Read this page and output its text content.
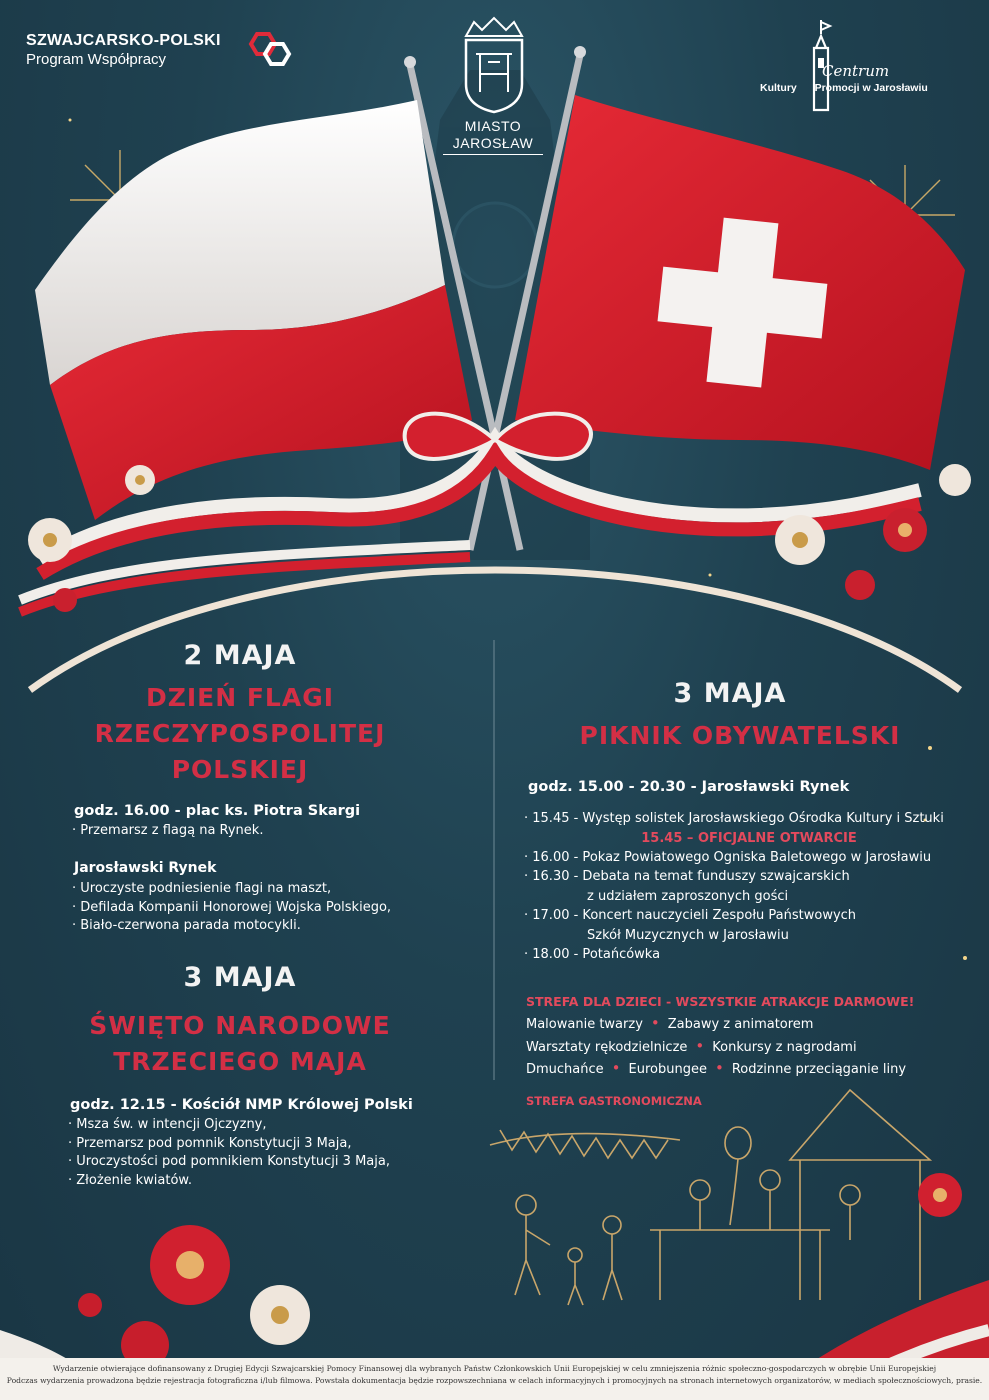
SZWAJCARSKO-POLSKI
Program Współpracy
MIASTO
JAROSŁAW
Centrum
Kultury Promocji w Jarosławiu
2 MAJA
DZIEŃ FLAGI
RZECZYPOSPOLITEJ
POLSKIEJ
godz. 16.00 - plac ks. Piotra Skargi
· Przemarsz z flagą na Rynek.
Jarosławski Rynek
· Uroczyste podniesienie flagi na maszt,
· Defilada Kompanii Honorowej Wojska Polskiego,
· Biało-czerwona parada motocykli.
3 MAJA
ŚWIĘTO NARODOWE
TRZECIEGO MAJA
godz. 12.15 - Kościół NMP Królowej Polski
· Msza św. w intencji Ojczyzny,
· Przemarsz pod pomnik Konstytucji 3 Maja,
· Uroczystości pod pomnikiem Konstytucji 3 Maja,
· Złożenie kwiatów.
3 MAJA
PIKNIK OBYWATELSKI
godz. 15.00 - 20.30 - Jarosławski Rynek
· 15.45 - Występ solistek Jarosławskiego Ośrodka Kultury i Sztuki
15.45 – OFICJALNE OTWARCIE
· 16.00 - Pokaz Powiatowego Ogniska Baletowego w Jarosławiu
· 16.30 - Debata na temat funduszy szwajcarskich
z udziałem zaproszonych gości
· 17.00 - Koncert nauczycieli Zespołu Państwowych
Szkół Muzycznych w Jarosławiu
· 18.00 - Potańcówka
STREFA DLA DZIECI - WSZYSTKIE ATRAKCJE DARMOWE!
Malowanie twarzy • Zabawy z animatorem
Warsztaty rękodzielnicze • Konkursy z nagrodami
Dmuchańce • Eurobungee • Rodzinne przeciąganie liny
STREFA GASTRONOMICZNA
Wydarzenie otwierające dofinansowany z Drugiej Edycji Szwajcarskiej Pomocy Finansowej dla wybranych Państw Członkowskich Unii Europejskiej w celu zmniejszenia różnic społeczno-gospodarczych w obrębie Unii Europejskiej
Podczas wydarzenia prowadzona będzie rejestracja fotograficzna i/lub filmowa. Powstała dokumentacja będzie rozpowszechniana w celach informacyjnych i promocyjnych na stronach internetowych organizatorów, w mediach społecznościowych, prasie.
